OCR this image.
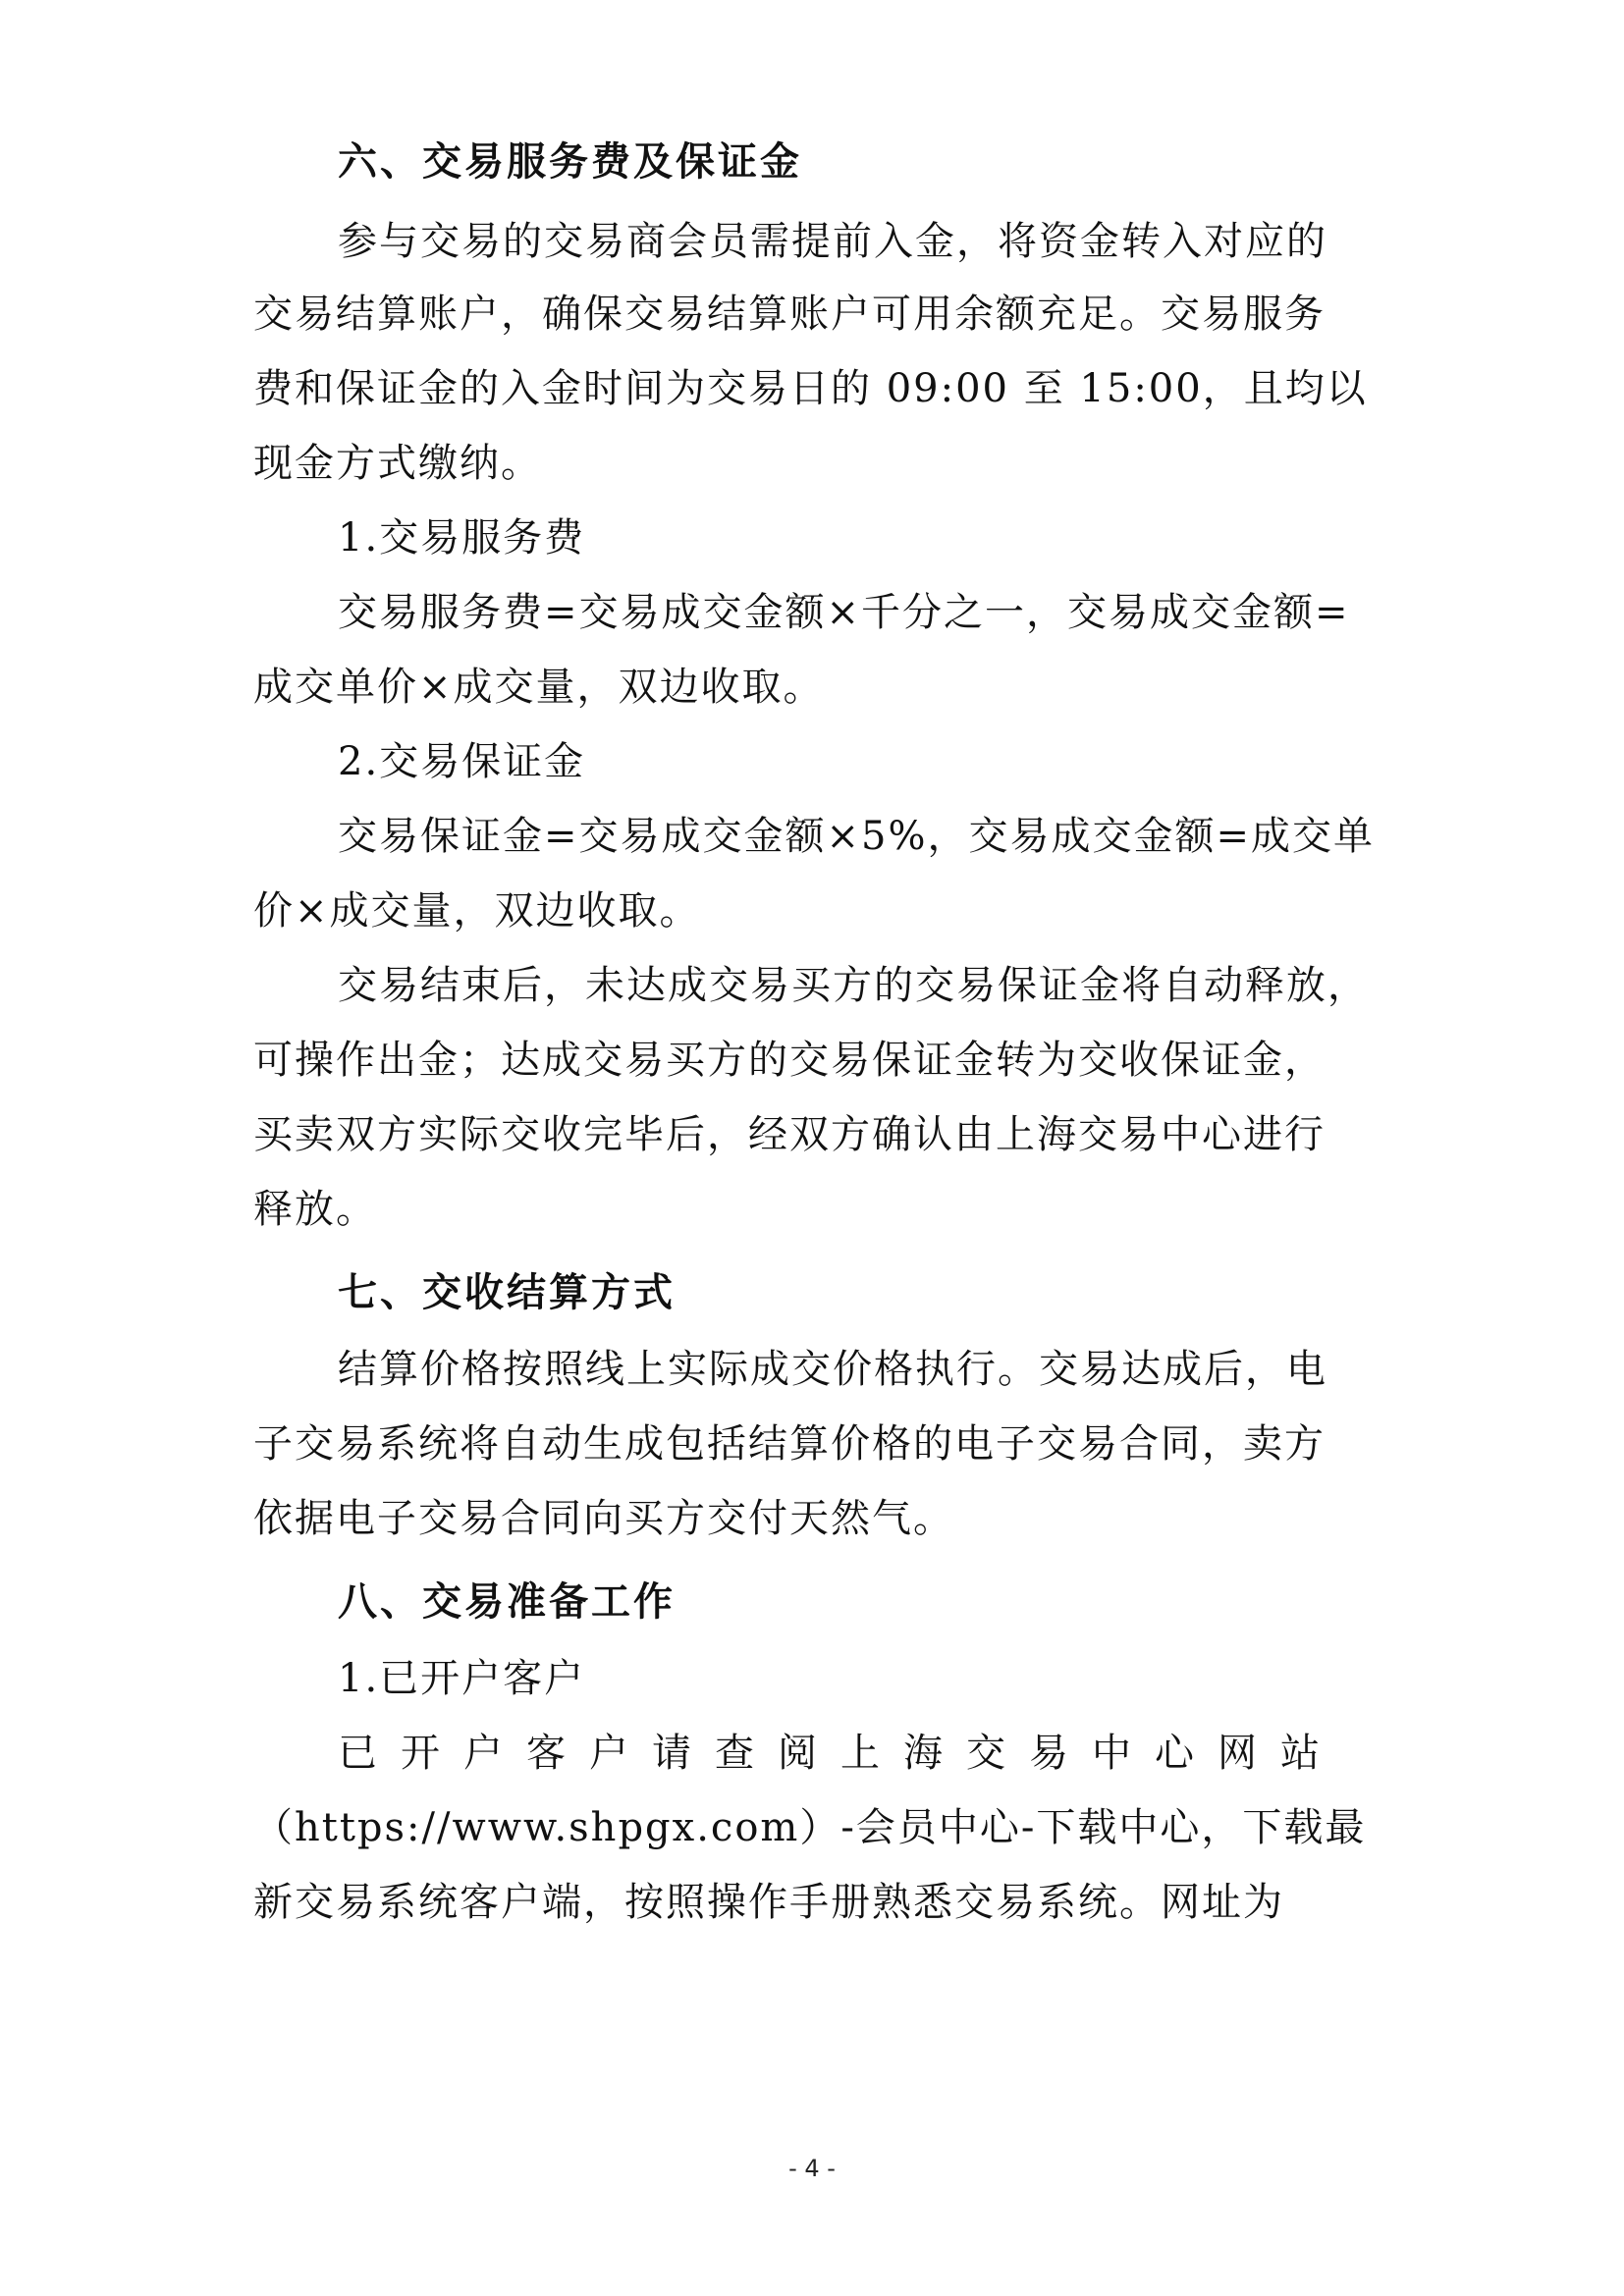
六、交易服务费及保证金
参与交易的交易商会员需提前入金，将资金转入对应的
交易结算账户，确保交易结算账户可用余额充足。交易服务
费和保证金的入金时间为交易日的 09:00 至 15:00，且均以
现金方式缴纳。
1.交易服务费
交易服务费=交易成交金额×千分之一，交易成交金额=
成交单价×成交量，双边收取。
2.交易保证金
交易保证金=交易成交金额×5%，交易成交金额=成交单
价×成交量，双边收取。
交易结束后，未达成交易买方的交易保证金将自动释放，
可操作出金；达成交易买方的交易保证金转为交收保证金，
买卖双方实际交收完毕后，经双方确认由上海交易中心进行
释放。
七、交收结算方式
结算价格按照线上实际成交价格执行。交易达成后，电
子交易系统将自动生成包括结算价格的电子交易合同，卖方
依据电子交易合同向买方交付天然气。
八、交易准备工作
1.已开户客户
已开户客户请查阅上海交易中心网站
（https://www.shpgx.com）-会员中心-下载中心，下载最
新交易系统客户端，按照操作手册熟悉交易系统。网址为
- 4 -
